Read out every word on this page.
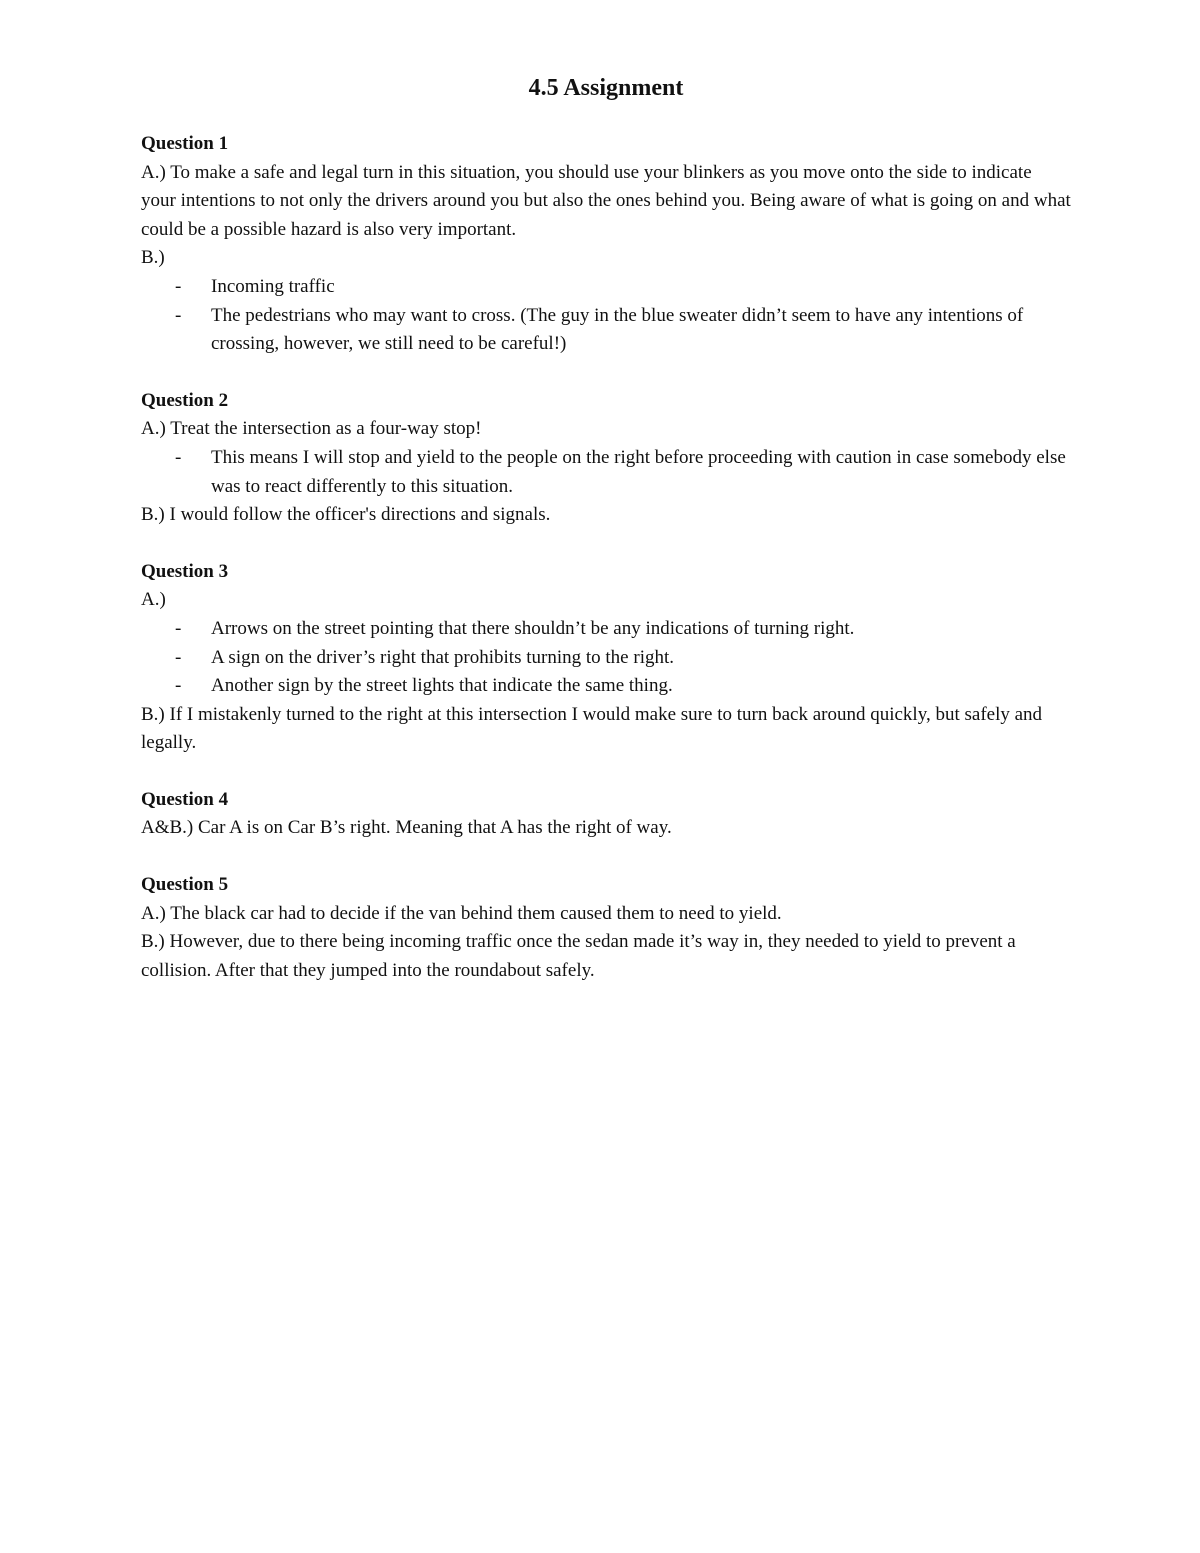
4.5 Assignment
Question 1
A.) To make a safe and legal turn in this situation, you should use your blinkers as you move onto the side to indicate your intentions to not only the drivers around you but also the ones behind you. Being aware of what is going on and what could be a possible hazard is also very important.
B.)
- Incoming traffic
- The pedestrians who may want to cross. (The guy in the blue sweater didn’t seem to have any intentions of crossing, however, we still need to be careful!)
Question 2
A.) Treat the intersection as a four-way stop!
- This means I will stop and yield to the people on the right before proceeding with caution in case somebody else was to react differently to this situation.
B.) I would follow the officer's directions and signals.
Question 3
A.)
- Arrows on the street pointing that there shouldn’t be any indications of turning right.
- A sign on the driver’s right that prohibits turning to the right.
- Another sign by the street lights that indicate the same thing.
B.) If I mistakenly turned to the right at this intersection I would make sure to turn back around quickly, but safely and legally.
Question 4
A&B.) Car A is on Car B’s right. Meaning that A has the right of way.
Question 5
A.) The black car had to decide if the van behind them caused them to need to yield.
B.) However, due to there being incoming traffic once the sedan made it’s way in, they needed to yield to prevent a collision. After that they jumped into the roundabout safely.
